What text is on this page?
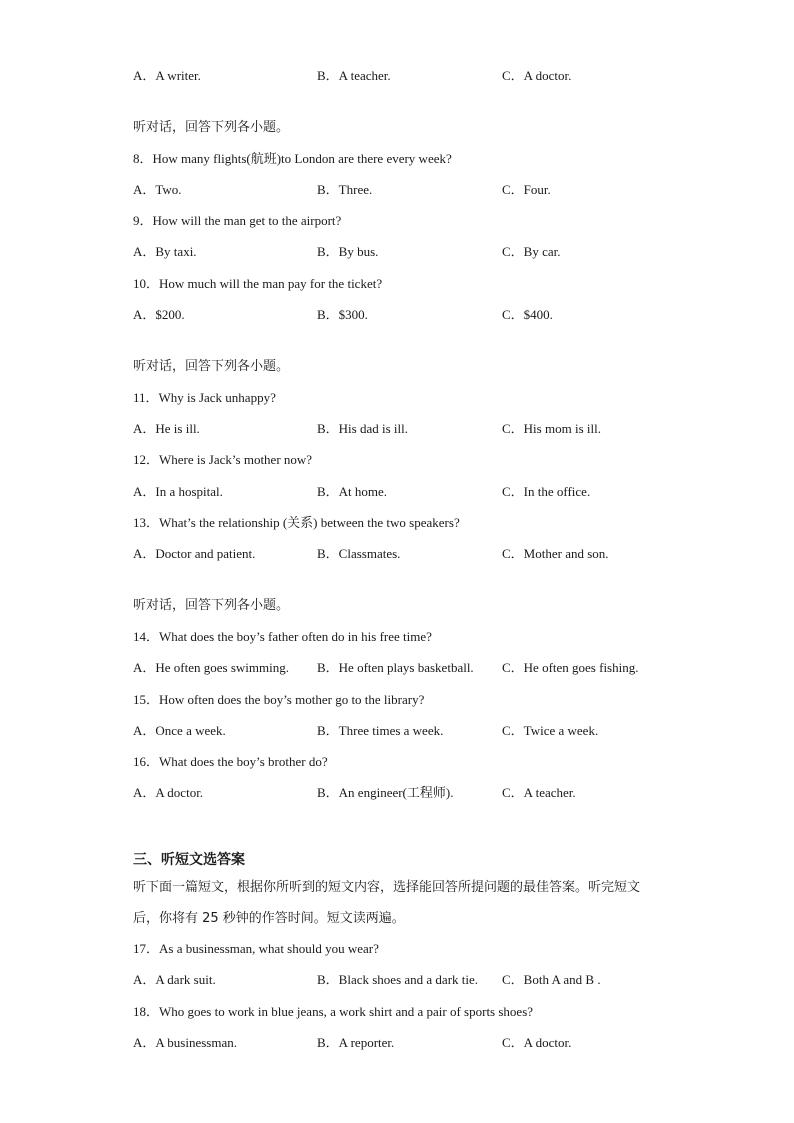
A．A writer.	B．A teacher.	C．A doctor.
听对话，回答下列各小题。
8．How many flights(航班)to London are there every week?
A．Two.	B．Three.	C．Four.
9．How will the man get to the airport?
A．By taxi.	B．By bus.	C．By car.
10．How much will the man pay for the ticket?
A．$200.	B．$300.	C．$400.
听对话，回答下列各小题。
11．Why is Jack unhappy?
A．He is ill.	B．His dad is ill.	C．His mom is ill.
12．Where is Jack’s mother now?
A．In a hospital.	B．At home.	C．In the office.
13．What’s the relationship (关系) between the two speakers?
A．Doctor and patient.	B．Classmates.	C．Mother and son.
听对话，回答下列各小题。
14．What does the boy’s father often do in his free time?
A．He often goes swimming. B．He often plays basketball. C．He often goes fishing.
15．How often does the boy’s mother go to the library?
A．Once a week.	B．Three times a week.	C．Twice a week.
16．What does the boy’s brother do?
A．A doctor.	B．An engineer(工程师).	C．A teacher.
三、听短文选答案
听下面一篇短文，根据你所听到的短文内容，选择能回答所提问题的最佳答案。听完短文后，你将有 25 秒钟的作答时间。短文读两遍。
17．As a businessman, what should you wear?
A．A dark suit.	B．Black shoes and a dark tie. C．Both A and B .
18．Who goes to work in blue jeans, a work shirt and a pair of sports shoes?
A．A businessman.	B．A reporter.	C．A doctor.
